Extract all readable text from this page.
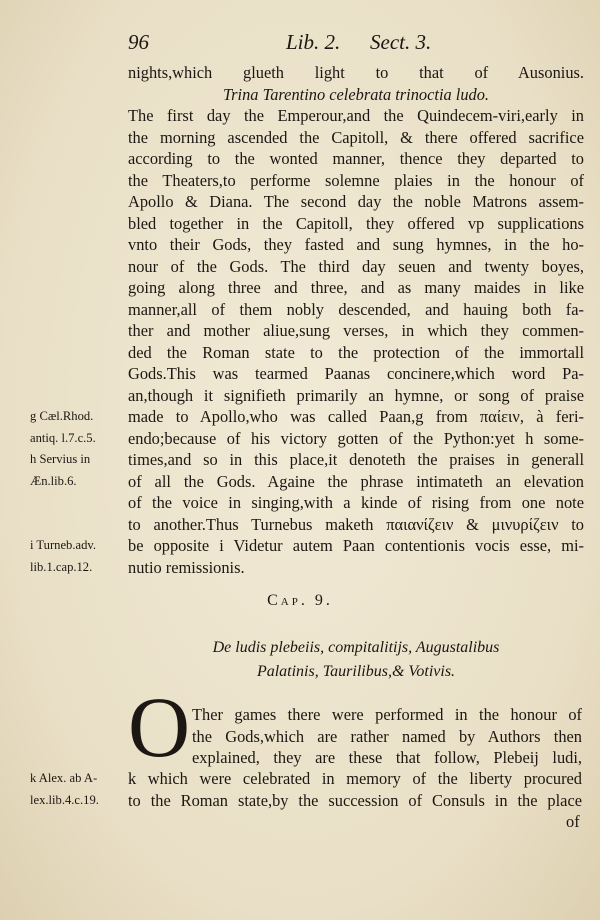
96	Lib. 2. Sect. 3.
nights,which glueth light to that of Ausonius.
Trina Tarentino celebrata trinoctia ludo.
The first day the Emperour,and the Quindecem-viri,early in
the morning ascended the Capitoll, & there offered sacrifice
according to the wonted manner, thence they departed to
the Theaters,to performe solemne plaies in the honour of
Apollo & Diana. The second day the noble Matrons assem-
bled together in the Capitoll, they offered vp supplications
vnto their Gods, they fasted and sung hymnes, in the ho-
nour of the Gods. The third day seuen and twenty boyes,
going along three and three, and as many maides in like
manner,all of them nobly descended, and hauing both fa-
ther and mother aliue,sung verses, in which they commen-
ded the Roman state to the protection of the immortall
Gods.This was tearmed Paanas concinere,which word Pa-
an,though it signifieth primarily an hymne, or song of praise
made to Apollo,who was called Paan,g from παίειν, à feri-
endo;because of his victory gotten of the Python:yet h some-
times,and so in this place,it denoteth the praises in generall
of all the Gods. Againe the phrase intimateth an elevation
of the voice in singing,with a kinde of rising from one note
to another.Thus Turnebus maketh παιανίζειν & μινυρίζειν to
be opposite i Videtur autem Paan contentionis vocis esse, mi-
nutio remissionis.
g Cæl.Rhod.
antiq. l.7.c.5.
h Servius in
Æn.lib.6.
i Turneb.adv.
lib.1.cap.12.
Cap. 9.
De ludis plebeiis, compitalitijs, Augustalibus
Palatinis, Taurilibus,& Votivis.
O Ther games there were performed in the honour of
the Gods,which are rather named by Authors then
explained, they are these that follow, Plebeij ludi,
k which were celebrated in memory of the liberty procured
to the Roman state,by the succession of Consuls in the place
of
k Alex. ab A-
lex.lib.4.c.19.
